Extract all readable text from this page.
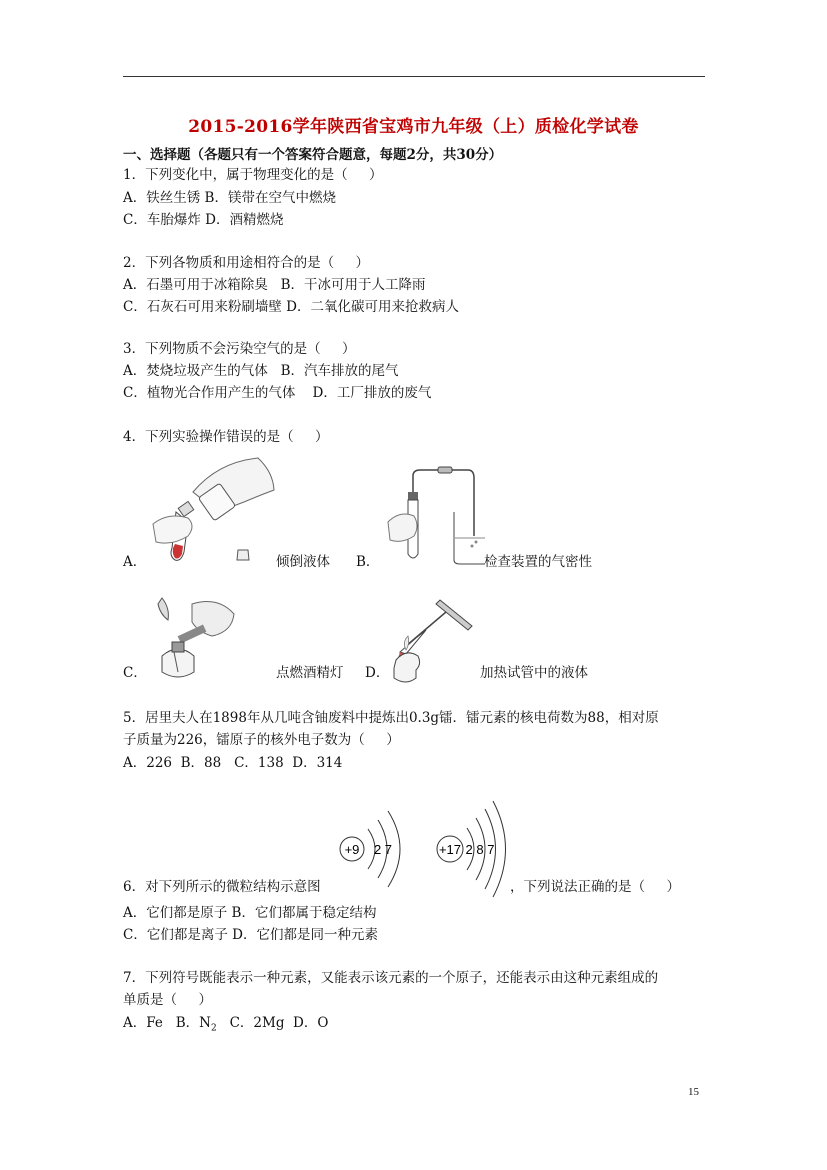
2015-2016学年陕西省宝鸡市九年级（上）质检化学试卷
一、选择题（各题只有一个答案符合题意，每题2分，共30分）
1．下列变化中，属于物理变化的是（     ）
A．铁丝生锈 B．镁带在空气中燃烧
C．车胎爆炸 D．酒精燃烧
2．下列各物质和用途相符合的是（     ）
A．石墨可用于冰箱除臭   B．干冰可用于人工降雨
C．石灰石可用来粉刷墙壁 D．二氧化碳可用来抢救病人
3．下列物质不会污染空气的是（     ）
A．焚烧垃圾产生的气体   B．汽车排放的尾气
C．植物光合作用产生的气体    D．工厂排放的废气
4．下列实验操作错误的是（     ）
A．	倾倒液体 B．	检查装置的气密性
C．	点燃酒精灯 D．	加热试管中的液体
5．居里夫人在1898年从几吨含铀废料中提炼出0.3g镭．镭元素的核电荷数为88，相对原
子质量为226，镭原子的核外电子数为（     ）
A．226  B．88   C．138  D．314
+9 2 7	+17 2 8 7
6．对下列所示的微粒结构示意图	，下列说法正确的是（     ）
A．它们都是原子 B．它们都属于稳定结构
C．它们都是离子 D．它们都是同一种元素
7．下列符号既能表示一种元素，又能表示该元素的一个原子，还能表示由这种元素组成的
单质是（     ）
A．Fe   B．$N_2$   C．2Mg  D．O
15
